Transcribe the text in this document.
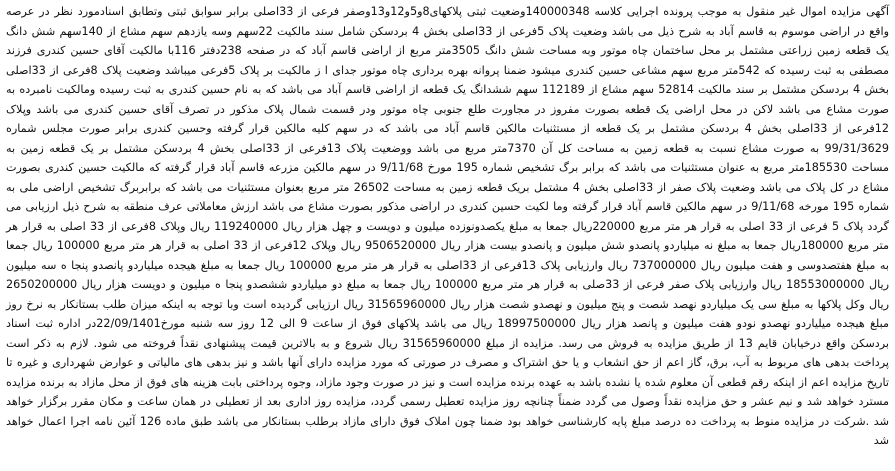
آگهی مزایده اموال غیر منقول به موجب پرونده اجرایی کلاسه 140000348وضعیت ثبتی پلاکهای8و5و12و13وصفر فرعی از 33اصلی برابر سوابق ثبتی وتطابق اسنادمورد نظر در عرصه واقع در اراضی موسوم به قاسم آباد به شرح ذیل می باشد وضعیت پلاک 5فرعی از 33اصلی بخش 4 بردسکن شامل سند مالکیت 22سهم وسه یازدهم سهم مشاع از 140سهم شش دانگ یک قطعه زمین زراعتی مشتمل بر محل ساختمان چاه موتور وبه مساحت شش دانگ 3505متر مربع از اراضی قاسم آباد که در صفحه 238دفتر 116با مالکیت آقای حسین کندری فرزند مصطفی به ثبت رسیده که 542متر مربع سهم مشاعی حسین کندری میشود ضمنا پروانه بهره برداری چاه موتور جدای ا ز مالکیت بر پلاک 5فرعی میباشد وضعیت پلاک 8فرعی از 33اصلی بخش 4 بردسکن مشتمل بر سند مالکیت 52814 سهم مشاع از 112189 سهم ششدانگ یک قطعه از اراضی قاسم آباد می باشد که به نام حسین کندری به ثبت رسیده ومالکیت نامبرده به صورت مشاع می باشد لاکن در محل اراضی یک قطعه بصورت مفروز در مجاورت طلع جنوبی چاه موتور ودر قسمت شمال پلاک مذکور در تصرف آقای حسین کندری می باشد وپلاک 12فرعی از 33اصلی بخش 4 بردسکن مشتمل بر یک قطعه از مستثنیات مالکین قاسم آباد می باشد که در سهم کلیه مالکین قرار گرفته وحسین کندری برابر صورت مجلس شماره 99/31/3629 به صورت مشاع نسبت به قطعه زمین به مساحت کل آن 7370متر مربع می باشد ووضعیت پلاک 13فرعی از 33اصلی بخش 4 بردسکن مشتمل بر یک قطعه زمین به مساحت 185530متر مربع به عنوان مستثنیات می باشد که برابر برگ تشخیص شماره 195 مورخ 9/11/68 در سهم مالکین مزرعه قاسم آباد قرار گرفته که مالکیت حسین کندری بصورت مشاع در کل پلاک می باشد وضعیت پلاک صفر از 33اصلی بخش 4 مشتمل بریک قطعه زمین به مساحت 26502 متر مربع بعنوان مستثنیات می باشد که برابربرگ تشخیص اراضی ملی به شماره 195 مورخه 9/11/68 در سهم مالکین قاسم آباد قرار گرفته وما لکیت حسین کندری در اراضی مذکور بصورت مشاع می باشد ارزش معاملاتی عرف منطقه به شرح ذیل ارزیابی می گردد پلاک 5 فرعی از 33 اصلی به قرار هر متر مربع 220000ریال جمعا به مبلغ یکصدونوزده میلیون و دویست و چهل هزار ریال 119240000 ریال وپلاک 8فرعی از 33 اصلی به قرار هر متر مربع 180000ریال جمعا به مبلغ نه میلیاردو پانصدو شش میلیون و پانصدو بیست هزار ریال 9506520000 ریال وپلاک 12فرعی از 33 اصلی به قرار هر متر مربع 100000 ریال جمعا به مبلغ هفتصدوسی و هفت میلیون ریال 737000000 ریال وارزیابی پلاک 13فرعی از 33اصلی به قرار هر متر مربع 100000 ریال جمعا به مبلغ هیجده میلیاردو پانصدو پنجا ه سه میلیون ریال 18553000000 ریال وارزیابی پلاک صفر فرعی از 33صلی به قرار هر متر مربع 100000 ریال جمعا به مبلغ دو میلیاردو ششصدو پنجا ه میلیون و دویست هزار ریال 2650200000 ریال وکل پلاکها به مبلغ سی یک میلیاردو نهصد شصت و پنج میلیون و نهصدو شصت هزار ریال 31565960000 ریال ارزیابی گردیده است وبا توجه به اینکه میزان طلب بستانکار به نرخ روز مبلغ هیجده میلیاردو نهصدو نودو هفت میلیون و پانصد هزار ریال 18997500000 ریال می باشد پلاکهای فوق از ساعت 9 الی 12 روز سه شنبه مورخ22/09/1401در اداره ثبت اسناد بردسکن واقع درخیابان قایم 13 از طریق مزایده به فروش می رسد. مزایده از مبلغ 31565960000 ریال شروع و به بالاترین قیمت پیشنهادی نقداً فروخته می شود. لازم به ذکر است پرداخت بدهی های مربوط به آب، برق، گاز اعم از حق انشعاب و یا حق اشتراک و مصرف در صورتی که مورد مزایده دارای آنها باشد و نیز بدهی های مالیاتی و عوارض شهرداری و غیره تا تاریخ مزایده اعم از اینکه رقم قطعی آن معلوم شده یا نشده باشد به عهده برنده مزایده است و نیز در صورت وجود مازاد، وجوه پرداختی بابت هزینه های فوق از محل مازاد به برنده مزایده مسترد خواهد شد و نیم عشر و حق مزایده نقداً وصول می گردد ضمناً چنانچه روز مزایده تعطیل رسمی گردد، مزایده روز اداری بعد از تعطیلی در همان ساعت و مکان مقرر برگزار خواهد شد .شرکت در مزایده منوط به پرداخت ده درصد مبلغ پایه کارشناسی خواهد بود ضمنا چون املاک فوق دارای مازاد برطلب بستانکار می باشد طبق ماده 126 آئین نامه اجرا اعمال خواهد شد
